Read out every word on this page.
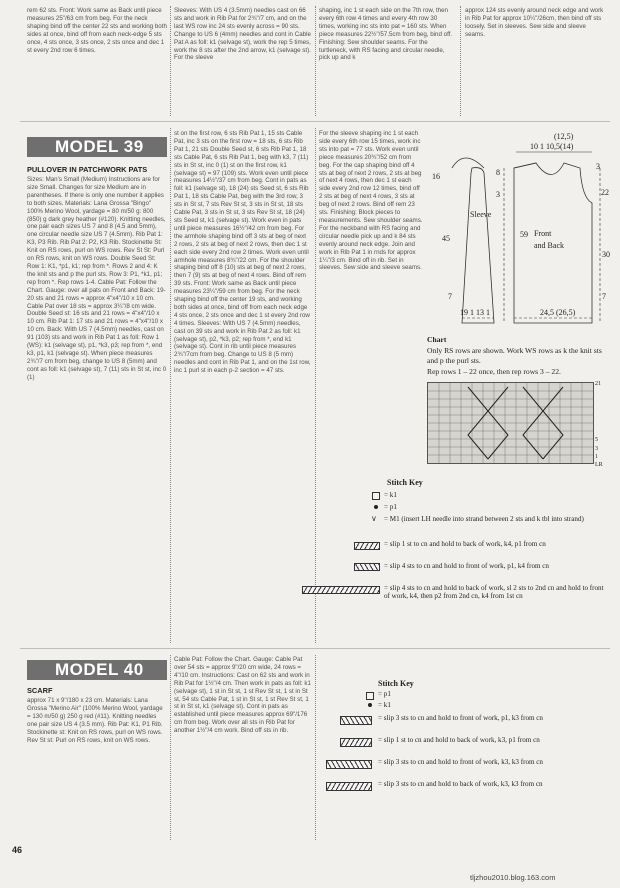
rem 62 sts. Front: Work same as Back until piece measures 25"/63 cm from beg. For the neck shaping bind off the center 22 sts and working both sides at once, bind off from each neck-edge 5 sts once, 4 sts once, 3 sts once, 2 sts once and dec 1 st every 2nd row 6 times.

Sleeves: With US 4 (3.5mm) needles cast on 66 sts and work in Rib Pat for 2¾"/7 cm, and on the last WS row inc 24 sts evenly across = 90 sts. Change to US 6 (4mm) needles and cont in Cable Pat A as foll: k1 (selvage st), work the rep 5 times, work the 8 sts after the 2nd arrow, k1 (selvage st). For the sleeve

shaping, inc 1 st each side on the 7th row, then every 6th row 4 times and every 4th row 30 times, working inc sts into pat = 160 sts. When piece measures 22½"/57.5cm from beg, bind off. Finishing: Sew shoulder seams. For the turtleneck, with RS facing and circular needle, pick up and k

approx 124 sts evenly around neck edge and work in Rib Pat for approx 10¼"/26cm, then bind off sts loosely. Set in sleeves. Sew side and sleeve seams.

MODEL 39

PULLOVER IN PATCHWORK PATS

Sizes: Man's Small (Medium) Instructions are for size Small. Changes for size Medium are in parentheses. If there is only one number it applies to both sizes. Materials: Lana Grossa "Bingo" 100% Merino Wool, yardage = 80 m/50 g: 800 (850) g dark grey heather (#120). Knitting needles, one pair each sizes US 7 and 8 (4.5 and 5mm), one circular needle size US 7 (4.5mm). Rib Pat 1: K3, P3 Rib. Rib Pat 2: P2, K3 Rib. Stockinette St: Knit on RS rows, purl on WS rows. Rev St St: Purl on RS rows, knit on WS rows. Double Seed St: Row 1: K1, *p1, k1; rep from *. Rows 2 and 4: K the knit sts and p the purl sts. Row 3: P1, *k1, p1; rep from *. Rep rows 1-4. Cable Pat: Follow the Chart. Gauge: over all pats on Front and Back: 19-20 sts and 21 rows = approx 4"x4"/10 x 10 cm. Cable Pat over 18 sts = approx 3¼"/8 cm wide. Double Seed st: 16 sts and 21 rows = 4"x4"/10 x 10 cm. Rib Pat 1: 17 sts and 21 rows = 4"x4"/10 x 10 cm. Back: With US 7 (4.5mm) needles, cast on 91 (103) sts and work in Rib Pat 1 as foll: Row 1 (WS): k1 (selvage st), p1, *k3, p3; rep from *, end k3, p1, k1 (selvage st). When piece measures 2¾"/7 cm from beg, change to US 8 (5mm) and cont as foll: k1 (selvage st), 7 (11) sts in St st, inc 0 (1)

st on the first row, 6 sts Rib Pat 1, 15 sts Cable Pat, inc 3 sts on the first row = 18 sts, 6 sts Rib Pat 1, 21 sts Double Seed st, 6 sts Rib Pat 1, 18 sts Cable Pat, 6 sts Rib Pat 1, beg with k3, 7 (11) sts in St st, inc 0 (1) st on the first row, k1 (selvage st) = 97 (109) sts. Work even until piece measures 14½"/37 cm from beg. Cont in pats as foll: k1 (selvage st), 18 (24) sts Seed st, 6 sts Rib Pat 1, 18 sts Cable Pat, beg with the 3rd row, 3 sts in St st, 7 sts Rev St st, 3 sts in St st, 18 sts Cable Pat, 3 sts in St st, 3 sts Rev St st, 18 (24) sts Seed st, k1 (selvage st). Work even in pats until piece measures 16½"/42 cm from beg. For the armhole shaping bind off 3 sts at beg of next 2 rows, 2 sts at beg of next 2 rows, then dec 1 st each side every 2nd row 2 times. Work even until armhole measures 8¾"/22 cm. For the shoulder shaping bind off 8 (10) sts at beg of next 2 rows, then 7 (9) sts at beg of next 4 rows. Bind off rem 39 sts. Front: Work same as Back until piece measures 23¼"/59 cm from beg. For the neck shaping bind off the center 19 sts, and working both sides at once, bind off from each neck edge 4 sts once, 2 sts once and dec 1 st every 2nd row 4 times. Sleeves: With US 7 (4.5mm) needles, cast on 39 sts and work in Rib Pat 2 as foll: k1 (selvage st), p2, *k3, p2; rep from *, end k1 (selvage st). Cont in rib until piece measures 2¾"/7cm from beg. Change to US 8 (5 mm) needles and cont in Rib Pat 1, and on the 1st row, inc 1 purl st in each p-2 section = 47 sts.

For the sleeve shaping inc 1 st each side every 6th row 15 times, work inc sts into pat = 77 sts. Work even until piece measures 20¾"/52 cm from beg. For the cap shaping bind off 4 sts at beg of next 2 rows, 2 sts at beg of next 4 rows, then dec 1 st each side every 2nd row 12 times, bind off 2 sts at beg of next 4 rows, 3 sts at beg of next 2 rows. Bind off rem 23 sts. Finishing: Block pieces to measurements. Sew shoulder seams. For the neckband with RS facing and circular needle pick up and k 84 sts evenly around neck edge. Join and work in Rib Pat 1 in rnds for approx 1¼"/3 cm. Bind off in rib. Set in sleeves. Sew side and sleeve seams.

(12,5)
10 1 10,5(14)
3
8
16
22
3
Sleeve
Front and Back
59
45
30
7	7
19 1 13 1	24,5 (26,5)
Chart
Only RS rows are shown. Work WS rows as k the knit sts and p the purl sts.
Rep rows 1 – 22 once, then rep rows 3 – 22.
21
5
3
1
LR
Stitch Key
= k1
= p1
∨ = M1 (insert LH needle into strand between 2 sts and k tbl into strand)
= slip 1 st to cn and hold to back of work, k4, p1 from cn
= slip 4 sts to cn and hold to front of work, p1, k4 from cn
= slip 4 sts to cn and hold to back of work, sl 2 sts to 2nd cn and hold to front of work, k4, then p2 from 2nd cn, k4 from 1st cn
MODEL 40

SCARF

approx 71 x 9"/180 x 23 cm. Materials: Lana Grossa "Merino Air" (100% Merino Wool, yardage = 130 m/50 g) 250 g red (#11). Knitting needles one pair size US 4 (3.5 mm). Rib Pat: K1, P1 Rib. Stockinette st: Knit on RS rows, purl on WS rows. Rev St st: Purl on RS rows, knit on WS rows.

Cable Pat: Follow the Chart. Gauge: Cable Pat over 54 sts = approx 9"/20 cm wide, 24 rows = 4"/10 cm. Instructions: Cast on 62 sts and work in Rib Pat for 1½"/4 cm. Then work in pats as foll: k1 (selvage st), 1 st in St st, 1 st Rev St st, 1 st in St st, 54 sts Cable Pat, 1 st in St st, 1 st Rev St st, 1 st in St st, k1 (selvage st). Cont in pats as established until piece measures approx 69"/176 cm from beg. Work over all sts in Rib Pat for another 1½"/4 cm work. Bind off sts in rib.

Stitch Key
= p1
= k1
= slip 3 sts to cn and hold to front of work, p1, k3 from cn
= slip 1 st to cn and hold to back of work, k3, p1 from cn
= slip 3 sts to cn and hold to front of work, k3, k3 from cn
= slip 3 sts to cn and hold to back of work, k3, k3 from cn
46
tljzhou2010.blog.163.com
